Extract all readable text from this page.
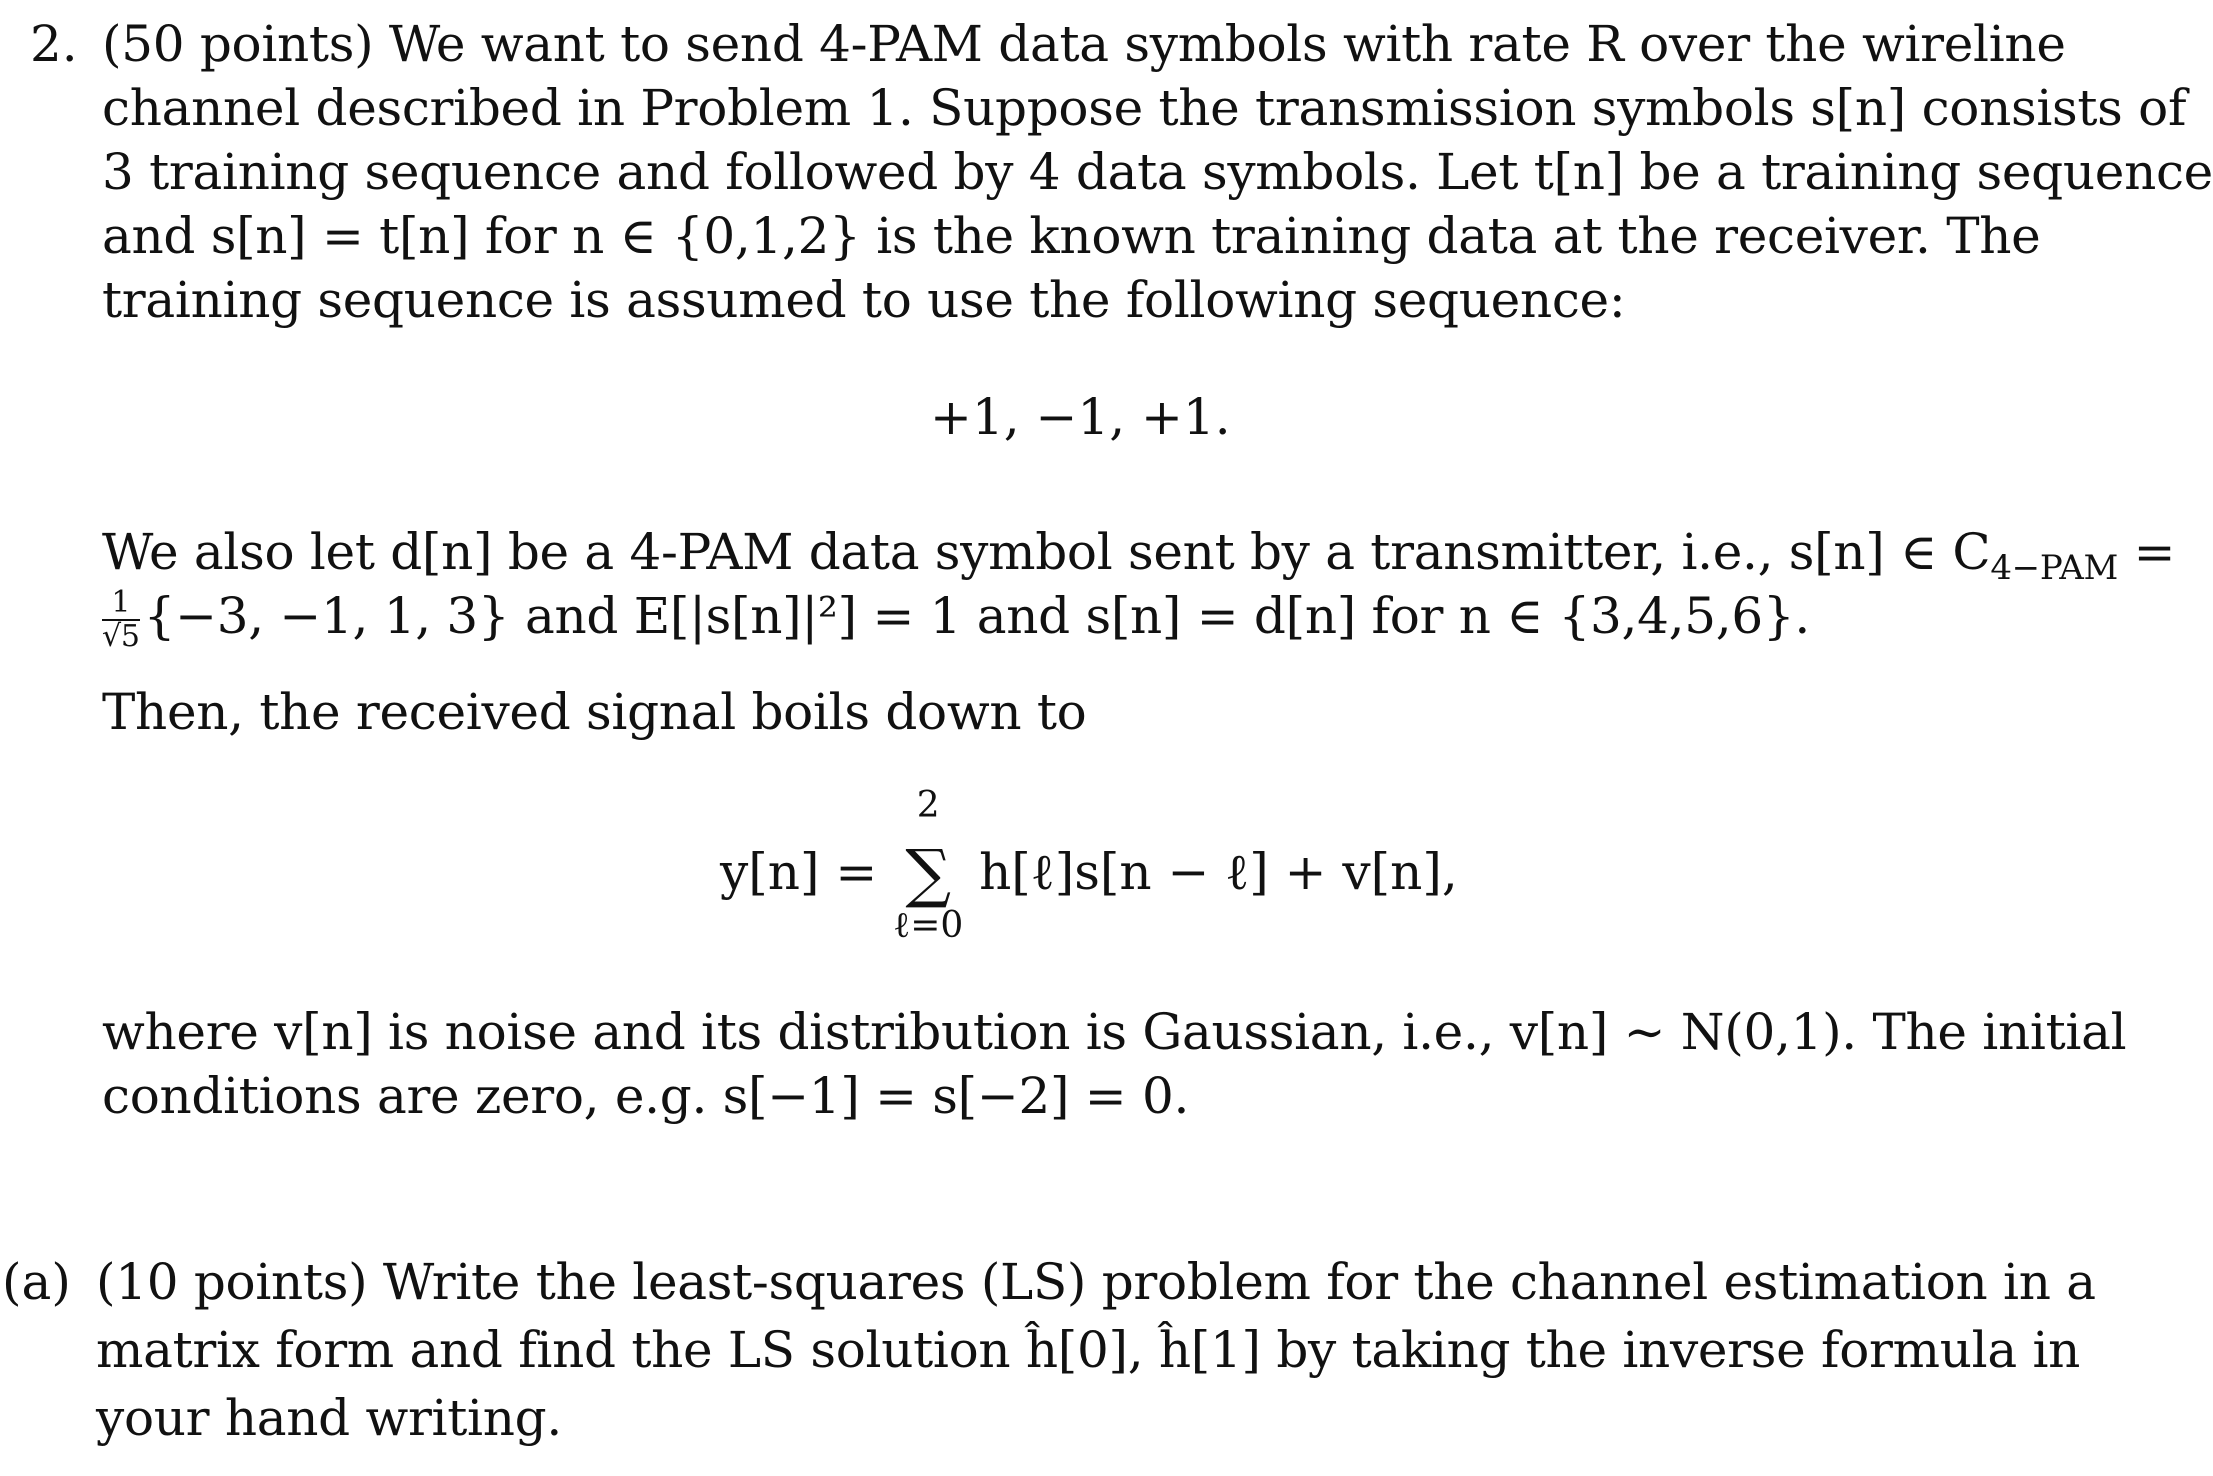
2. (50 points) We want to send 4-PAM data symbols with rate R over the wireline
channel described in Problem 1. Suppose the transmission symbols s[n] consists of
3 training sequence and followed by 4 data symbols. Let t[n] be a training sequence
and s[n] = t[n] for n ∈ {0,1,2} is the known training data at the receiver. The
training sequence is assumed to use the following sequence:
+1, −1, +1.
We also let d[n] be a 4-PAM data symbol sent by a transmitter, i.e., s[n] ∈ $C_{4-PAM}$ =
$\frac{1}{√5} \{-3$, −1, 1, 3} and E[|s[n]|²] = 1 and s[n] = d[n] for n ∈ {3,4,5,6}.
Then, the received signal boils down to
y[n] =
2
∑
ℓ=0
h[ℓ]s[n − ℓ] + v[n],
where v[n] is noise and its distribution is Gaussian, i.e., v[n] ∼ N(0,1). The initial
conditions are zero, e.g. s[−1] = s[−2] = 0.
(a) (10 points) Write the least-squares (LS) problem for the channel estimation in a
matrix form and find the LS solution ĥ[0], ĥ[1] by taking the inverse formula in
your hand writing.
